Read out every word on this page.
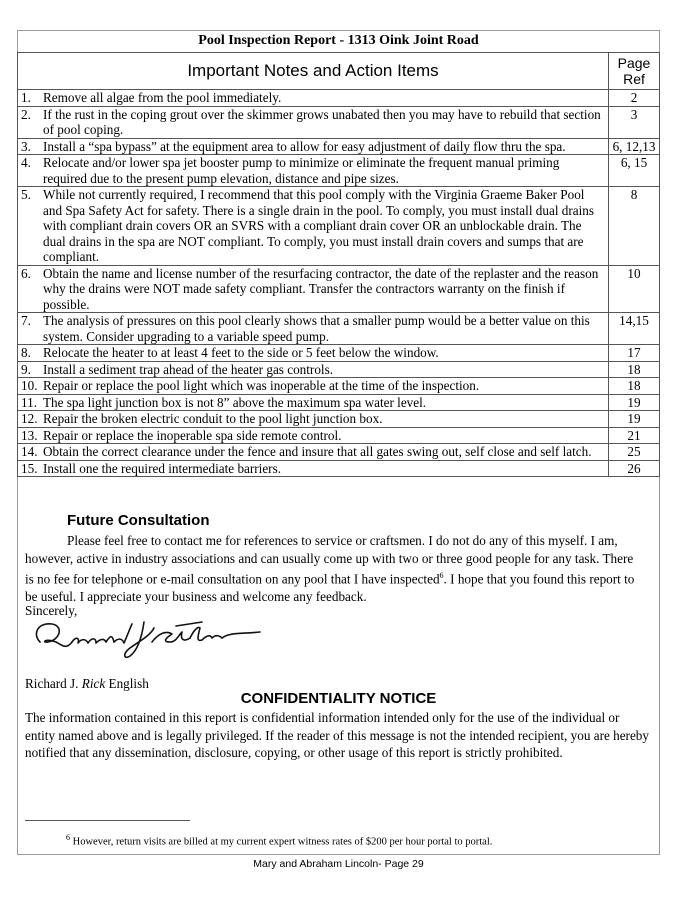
Pool Inspection Report - 1313 Oink Joint Road
Important Notes and Action Items	Page Ref

1. Remove all algae from the pool immediately.	2

2. If the rust in the coping grout over the skimmer grows unabated then you may have to rebuild that section of pool coping.	3

3. Install a “spa bypass” at the equipment area to allow for easy adjustment of daily flow thru the spa.	6, 12,13

4. Relocate and/or lower spa jet booster pump to minimize or eliminate the frequent manual priming required due to the present pump elevation, distance and pipe sizes.	6, 15

5. While not currently required, I recommend that this pool comply with the Virginia Graeme Baker Pool and Spa Safety Act for safety. There is a single drain in the pool. To comply, you must install dual drains with compliant drain covers OR an SVRS with a compliant drain cover OR an unblockable drain. The dual drains in the spa are NOT compliant. To comply, you must install drain covers and sumps that are compliant.	8

6. Obtain the name and license number of the resurfacing contractor, the date of the replaster and the reason why the drains were NOT made safety compliant. Transfer the contractors warranty on the finish if possible.	10

7. The analysis of pressures on this pool clearly shows that a smaller pump would be a better value on this system. Consider upgrading to a variable speed pump.	14,15

8. Relocate the heater to at least 4 feet to the side or 5 feet below the window.	17

9. Install a sediment trap ahead of the heater gas controls.	18

10. Repair or replace the pool light which was inoperable at the time of the inspection.	18

11. The spa light junction box is not 8” above the maximum spa water level.	19

12. Repair the broken electric conduit to the pool light junction box.	19

13. Repair or replace the inoperable spa side remote control.	21

14. Obtain the correct clearance under the fence and insure that all gates swing out, self close and self latch.	25

15. Install one the required intermediate barriers.	26
Future Consultation

Please feel free to contact me for references to service or craftsmen. I do not do any of this myself. I am, however, active in industry associations and can usually come up with two or three good people for any task. There is no fee for telephone or e-mail consultation on any pool that I have inspected$^6$. I hope that you found this report to be useful. I appreciate your business and welcome any feedback.

Sincerely,
Richard J. Rick English
CONFIDENTIALITY NOTICE

The information contained in this report is confidential information intended only for the use of the individual or entity named above and is legally privileged. If the reader of this message is not the intended recipient, you are hereby notified that any dissemination, disclosure, copying, or other usage of this report is strictly prohibited.

$^6$ However, return visits are billed at my current expert witness rates of $200 per hour portal to portal.
Mary and Abraham Lincoln- Page 29
